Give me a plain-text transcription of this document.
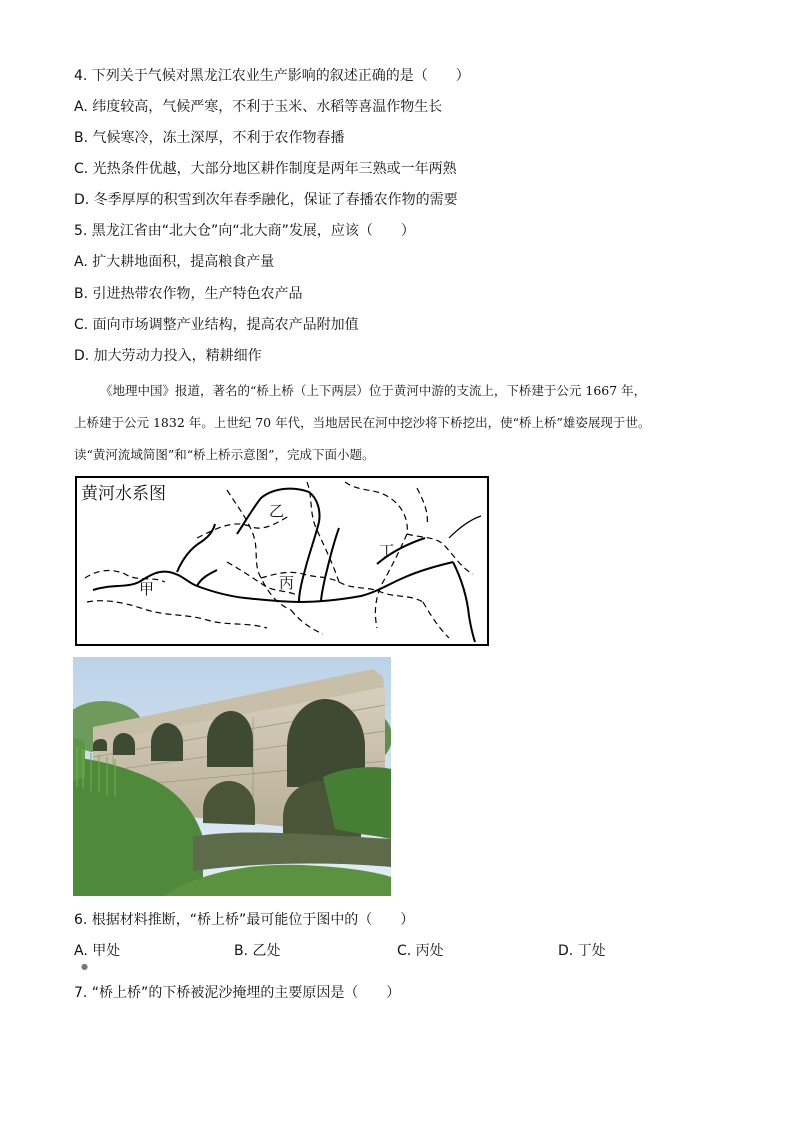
4. 下列关于气候对黑龙江农业生产影响的叙述正确的是（　　）
A. 纬度较高，气候严寒，不利于玉米、水稻等喜温作物生长
B. 气候寒冷，冻土深厚，不利于农作物春播
C. 光热条件优越，大部分地区耕作制度是两年三熟或一年两熟
D. 冬季厚厚的积雪到次年春季融化，保证了春播农作物的需要
5. 黑龙江省由“北大仓”向“北大商”发展，应该（　　）
A. 扩大耕地面积，提高粮食产量
B. 引进热带农作物，生产特色农产品
C. 面向市场调整产业结构，提高农产品附加值
D. 加大劳动力投入，精耕细作

《地理中国》报道，著名的“桥上桥（上下两层）位于黄河中游的支流上，下桥建于公元 1667 年，

上桥建于公元 1832 年。上世纪 70 年代，当地居民在河中挖沙将下桥挖出，使“桥上桥”雄姿展现于世。

读“黄河流域简图”和“桥上桥示意图”，完成下面小题。

黄河水系图
甲
乙
丙
丁
6. 根据材料推断，“桥上桥”最可能位于图中的（　　）
A. 甲处	B. 乙处	C. 丙处	D. 丁处
●
7. “桥上桥”的下桥被泥沙掩埋的主要原因是（　　）
